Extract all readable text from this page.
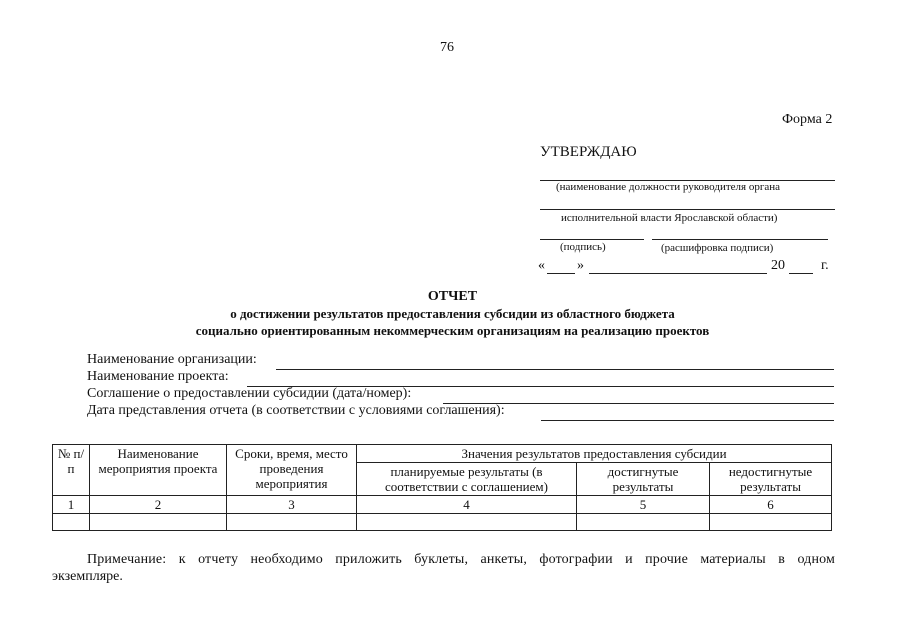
76
Форма 2
УТВЕРЖДАЮ
(наименование должности руководителя органа
исполнительной власти Ярославской области)
(подпись)	(расшифровка подписи)
« »	20	г.
ОТЧЕТ
о достижении результатов предоставления субсидии из областного бюджета
социально ориентированным некоммерческим организациям на реализацию проектов
Наименование организации:
Наименование проекта:
Соглашение о предоставлении субсидии (дата/номер):
Дата представления отчета (в соответствии с условиями соглашения):
№ п/п	Наименование мероприятия проекта	Сроки, время, место проведения мероприятия	Значения результатов предоставления субсидии		
			планируемые результаты (в соответствии с соглашением)	достигнутые результаты	недостигнутые результаты
1	2	3	4	5	6

Примечание: к отчету необходимо приложить буклеты, анкеты, фотографии и прочие материалы в одном
экземпляре.
